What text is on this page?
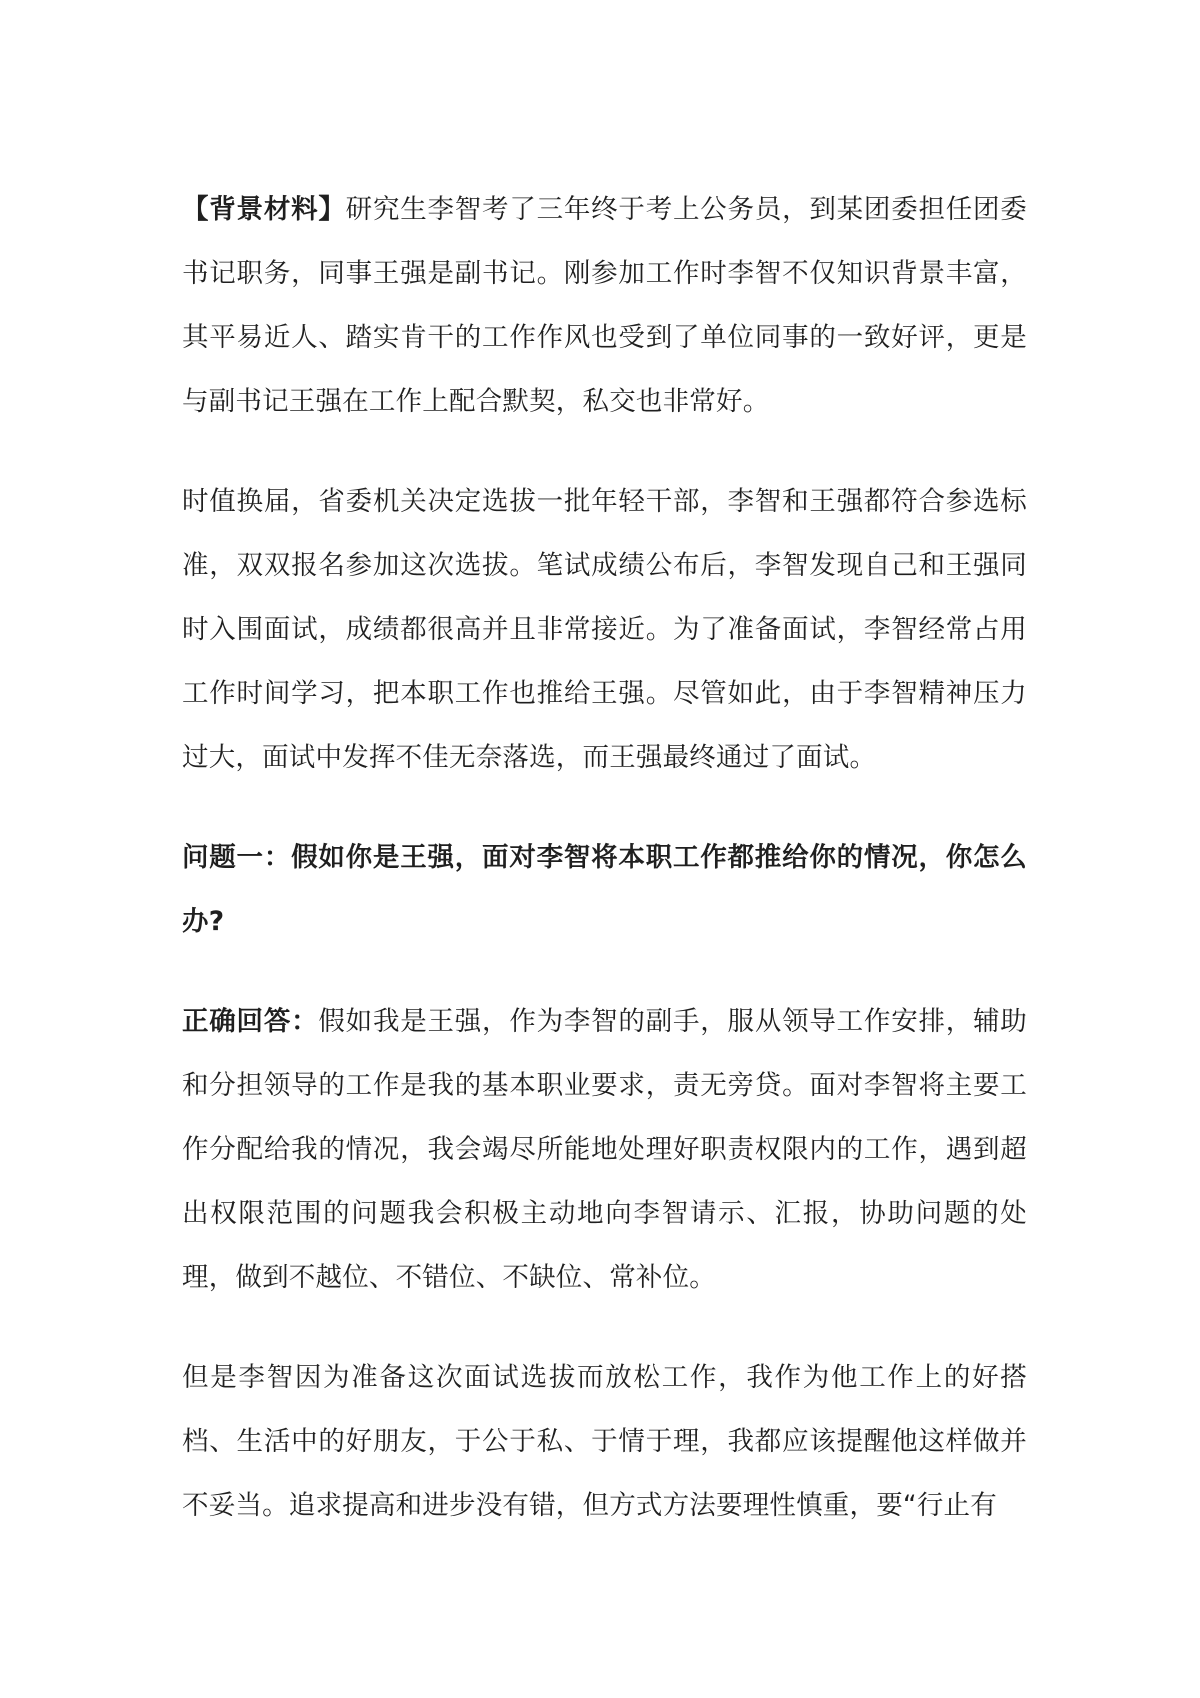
【背景材料】研究生李智考了三年终于考上公务员，到某团委担任团委书记职务，同事王强是副书记。刚参加工作时李智不仅知识背景丰富，其平易近人、踏实肯干的工作作风也受到了单位同事的一致好评，更是与副书记王强在工作上配合默契，私交也非常好。

时值换届，省委机关决定选拔一批年轻干部，李智和王强都符合参选标准，双双报名参加这次选拔。笔试成绩公布后，李智发现自己和王强同时入围面试，成绩都很高并且非常接近。为了准备面试，李智经常占用工作时间学习，把本职工作也推给王强。尽管如此，由于李智精神压力过大，面试中发挥不佳无奈落选，而王强最终通过了面试。

问题一：假如你是王强，面对李智将本职工作都推给你的情况，你怎么办?

正确回答：假如我是王强，作为李智的副手，服从领导工作安排，辅助和分担领导的工作是我的基本职业要求，责无旁贷。面对李智将主要工作分配给我的情况，我会竭尽所能地处理好职责权限内的工作，遇到超出权限范围的问题我会积极主动地向李智请示、汇报，协助问题的处理，做到不越位、不错位、不缺位、常补位。

但是李智因为准备这次面试选拔而放松工作，我作为他工作上的好搭档、生活中的好朋友，于公于私、于情于理，我都应该提醒他这样做并不妥当。追求提高和进步没有错，但方式方法要理性慎重，要“行止有
